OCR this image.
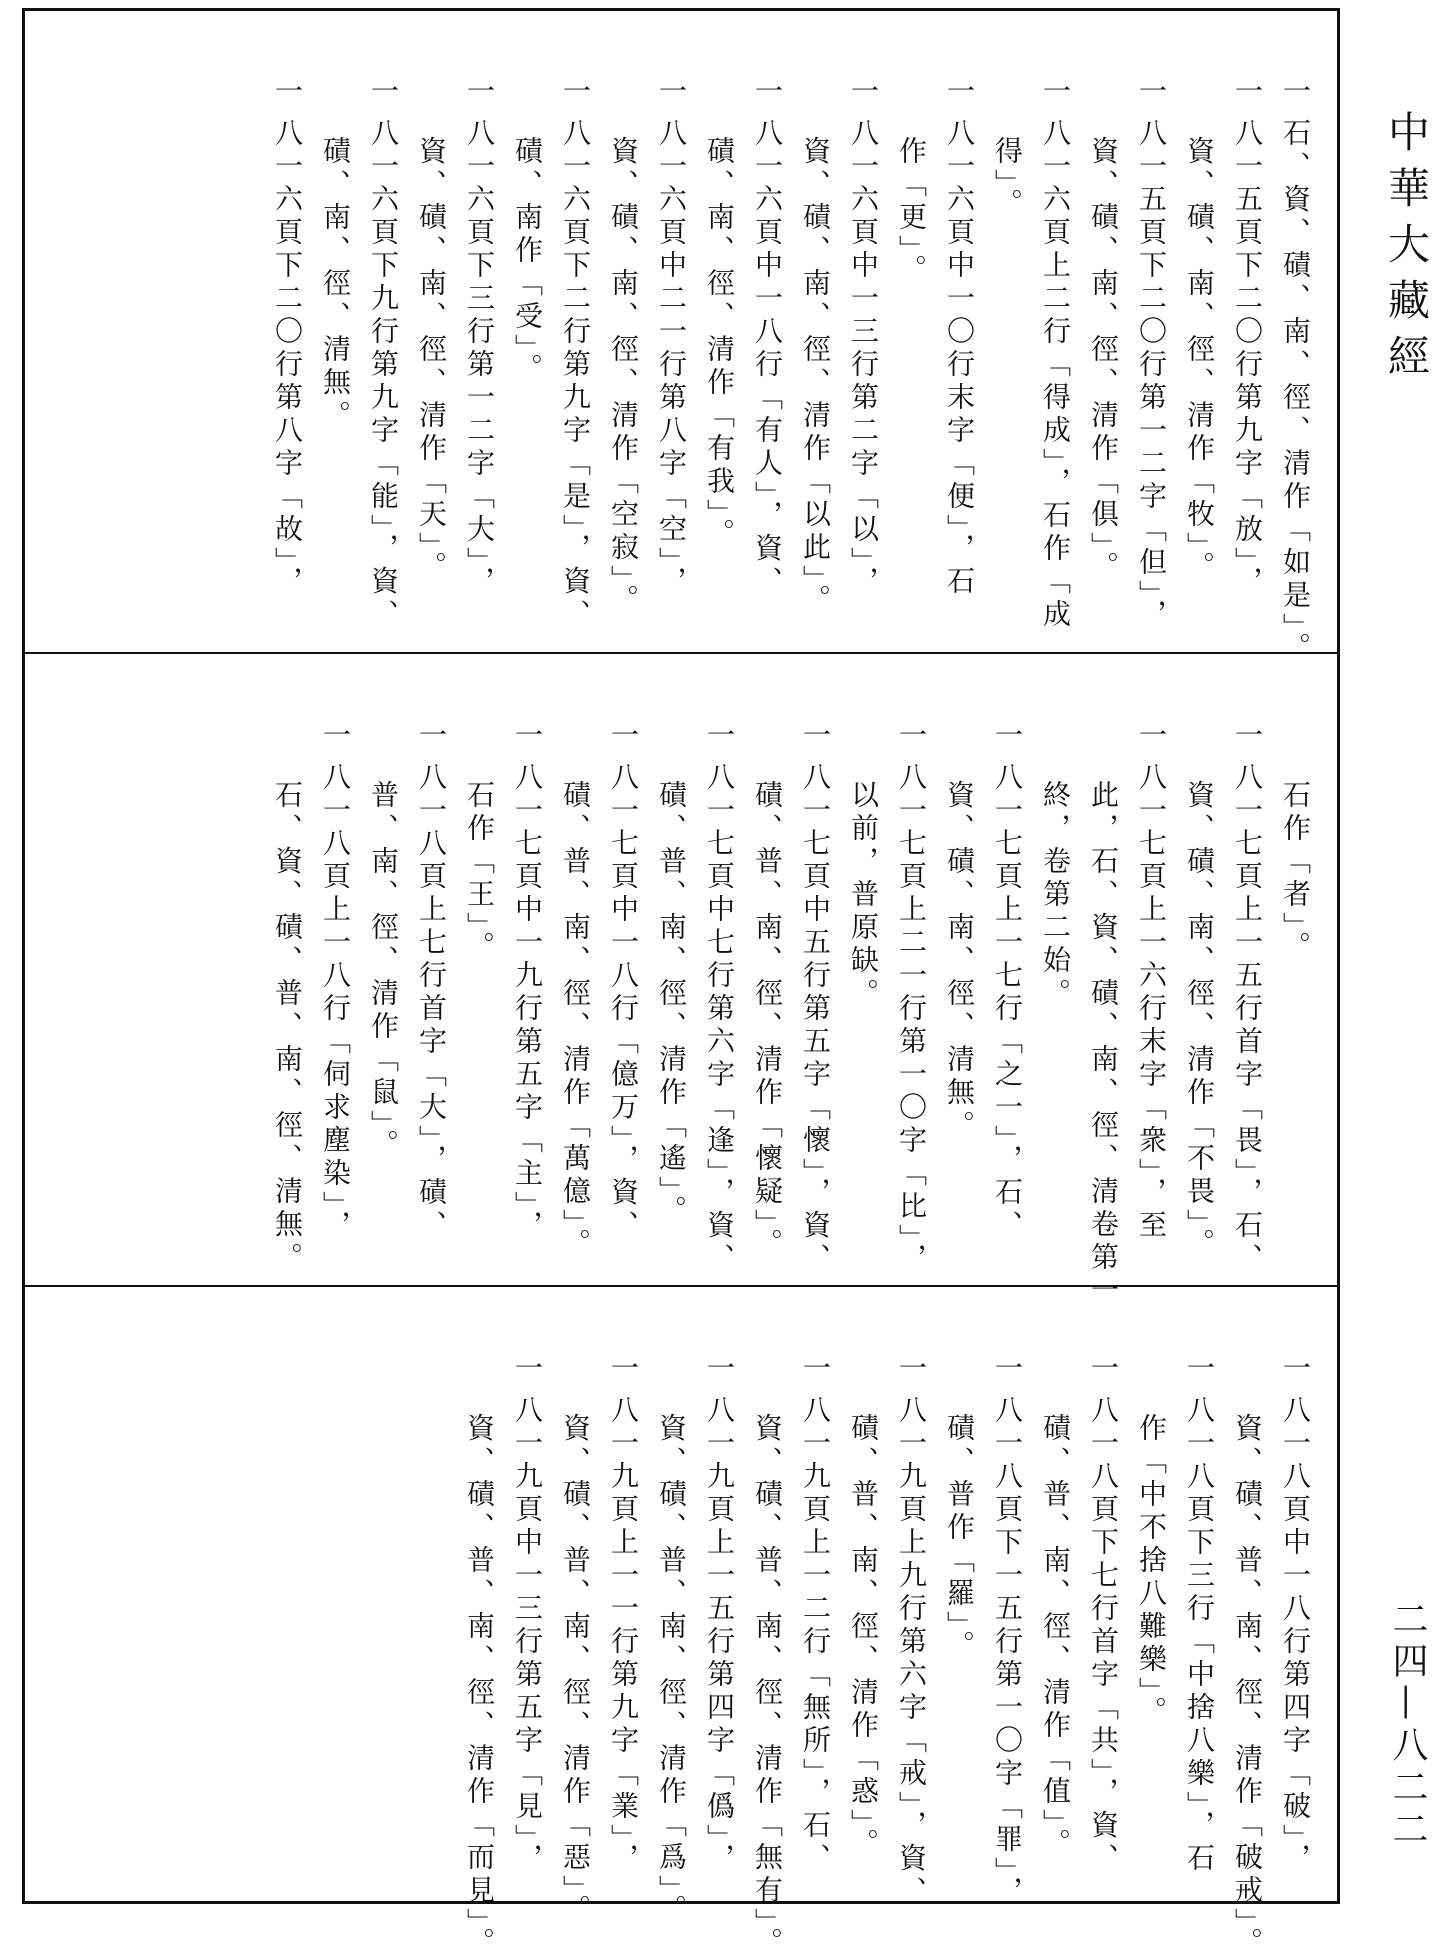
一石、資、磧、南、徑、清作「如是」。
一八一五頁下二〇行第九字「放」，
資、磧、南、徑、清作「牧」。
一八一五頁下二〇行第一二字「但」，
資、磧、南、徑、清作「俱」。
一八一六頁上二行「得成」，石作「成
得」。
一八一六頁中一〇行末字「便」，石
作「更」。
一八一六頁中一三行第二字「以」，
資、磧、南、徑、清作「以此」。
一八一六頁中一八行「有人」，資、
磧、南、徑、清作「有我」。
一八一六頁中二一行第八字「空」，
資、磧、南、徑、清作「空寂」。
一八一六頁下二行第九字「是」，資、
磧、南作「受」。
一八一六頁下三行第一二字「大」，
資、磧、南、徑、清作「天」。
一八一六頁下九行第九字「能」，資、
磧、南、徑、清無。
一八一六頁下二〇行第八字「故」，
石作「者」。
一八一七頁上一五行首字「畏」，石、
資、磧、南、徑、清作「不畏」。
一八一七頁上一六行末字「衆」，至
此，石、資、磧、南、徑、清卷第一
終，卷第二始。
一八一七頁上一七行「之一」，石、
資、磧、南、徑、清無。
一八一七頁上二一行第一〇字「比」，
以前，普原缺。
一八一七頁中五行第五字「懷」，資、
磧、普、南、徑、清作「懷疑」。
一八一七頁中七行第六字「逢」，資、
磧、普、南、徑、清作「遙」。
一八一七頁中一八行「億万」，資、
磧、普、南、徑、清作「萬億」。
一八一七頁中一九行第五字「主」，
石作「王」。
一八一八頁上七行首字「大」，磧、
普、南、徑、清作「鼠」。
一八一八頁上一八行「伺求塵染」，
石、資、磧、普、南、徑、清無。
一八一八頁中一八行第四字「破」，
資、磧、普、南、徑、清作「破戒」。
一八一八頁下三行「中捨八樂」，石
作「中不捨八難樂」。
一八一八頁下七行首字「共」，資、
磧、普、南、徑、清作「值」。
一八一八頁下一五行第一〇字「罪」，
磧、普作「羅」。
一八一九頁上九行第六字「戒」，資、
磧、普、南、徑、清作「惑」。
一八一九頁上一二行「無所」，石、
資、磧、普、南、徑、清作「無有」。
一八一九頁上一五行第四字「僞」，
資、磧、普、南、徑、清作「爲」。
一八一九頁上一一行第九字「業」，
資、磧、普、南、徑、清作「惡」。
一八一九頁中一三行第五字「見」，
資、磧、普、南、徑、清作「而見」。
中華大藏經
二四—八二二
